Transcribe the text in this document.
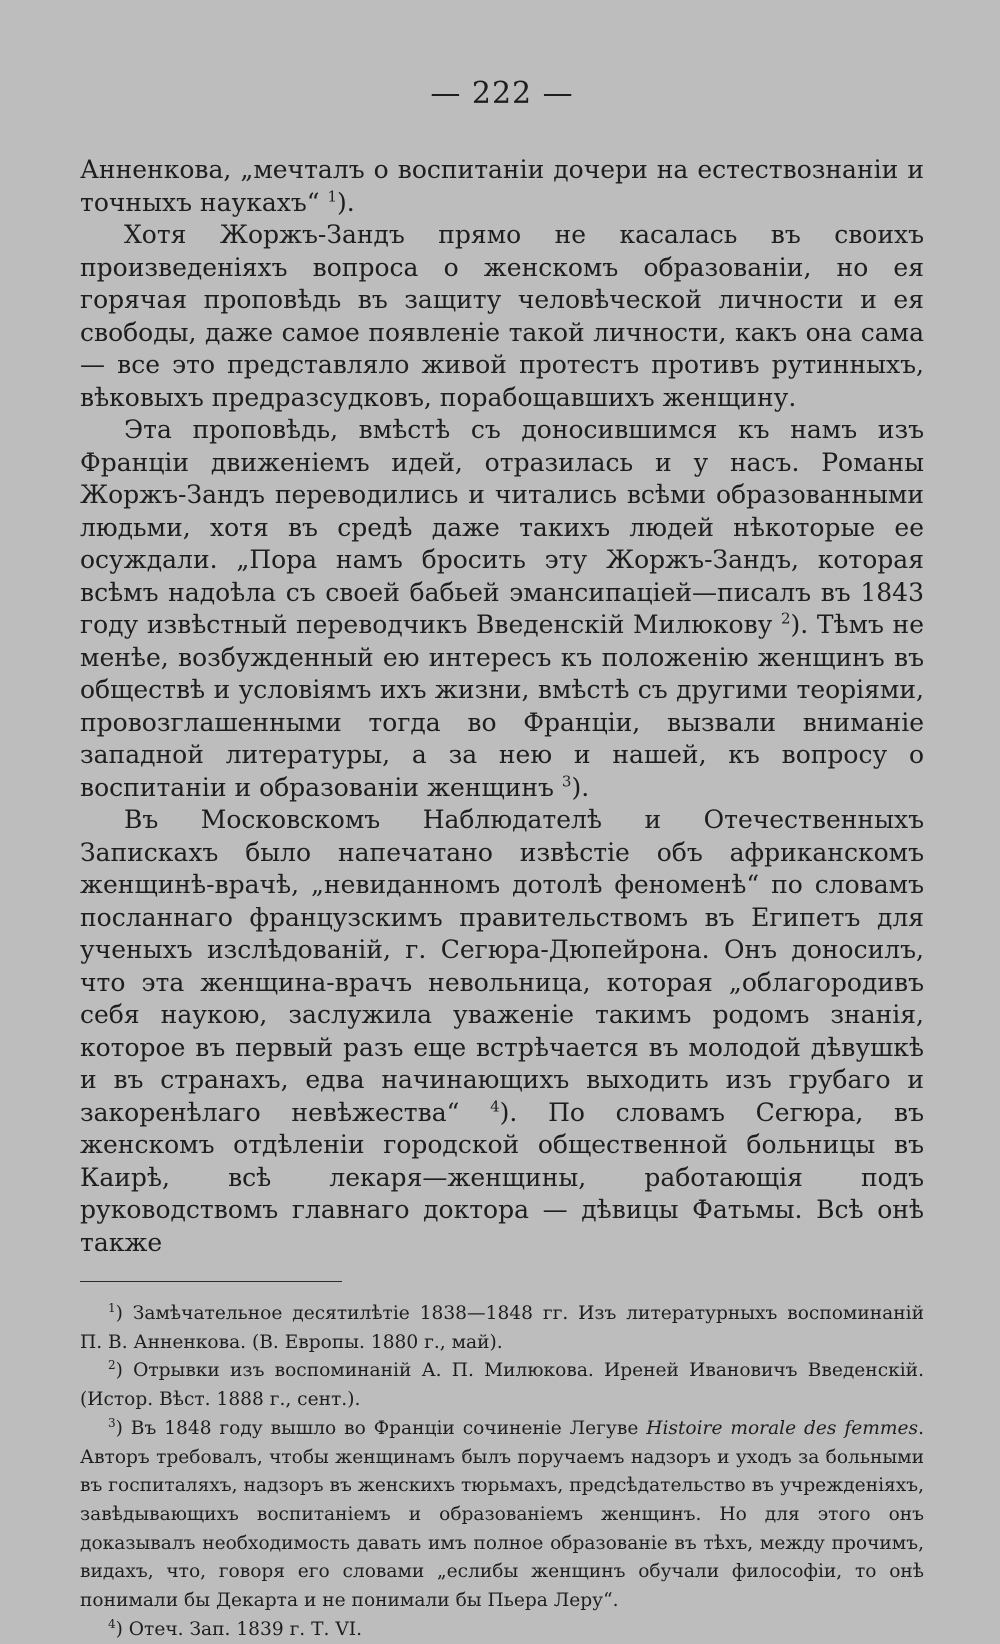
— 222 —

Анненкова, „мечталъ о воспитаніи дочери на естествознаніи и точныхъ наукахъ“ $^1$).

Хотя Жоржъ-Зандъ прямо не касалась въ своихъ произведеніяхъ вопроса о женскомъ образованіи, но ея горячая проповѣдь въ защиту человѣческой личности и ея свободы, даже самое появленіе такой личности, какъ она сама — все это представляло живой протестъ противъ рутинныхъ, вѣковыхъ предразсудковъ, порабощавшихъ женщину.

Эта проповѣдь, вмѣстѣ съ доносившимся къ намъ изъ Франціи движеніемъ идей, отразилась и у насъ. Романы Жоржъ-Зандъ переводились и читались всѣми образованными людьми, хотя въ средѣ даже такихъ людей нѣкоторые ее осуждали. „Пора намъ бросить эту Жоржъ-Зандъ, которая всѣмъ надоѣла съ своей бабьей эмансипаціей—писалъ въ 1843 году извѣстный переводчикъ Введенскій Милюкову $^2$). Тѣмъ не менѣе, возбужденный ею интересъ къ положенію женщинъ въ обществѣ и условіямъ ихъ жизни, вмѣстѣ съ другими теоріями, провозглашенными тогда во Франціи, вызвали вниманіе западной литературы, а за нею и нашей, къ вопросу о воспитаніи и образованіи женщинъ $^3$).

Въ Московскомъ Наблюдателѣ и Отечественныхъ Запискахъ было напечатано извѣстіе объ африканскомъ женщинѣ-врачѣ, „невиданномъ дотолѣ феноменѣ“ по словамъ посланнаго французскимъ правительствомъ въ Египетъ для ученыхъ изслѣдованій, г. Сегюра-Дюпейрона. Онъ доносилъ, что эта женщина-врачъ невольница, которая „облагородивъ себя наукою, заслужила уваженіе такимъ родомъ знанія, которое въ первый разъ еще встрѣчается въ молодой дѣвушкѣ и въ странахъ, едва начинающихъ выходить изъ грубаго и закоренѣлаго невѣжества“ $^4$). По словамъ Сегюра, въ женскомъ отдѣленіи городской общественной больницы въ Каирѣ, всѣ лекаря—женщины, работающія подъ руководствомъ главнаго доктора — дѣвицы Фатьмы. Всѣ онѣ также

$^1$) Замѣчательное десятилѣтіе 1838—1848 гг. Изъ литературныхъ воспоминаній П. В. Анненкова. (В. Европы. 1880 г., май).

$^2$) Отрывки изъ воспоминаній А. П. Милюкова. Иреней Ивановичъ Введенскій. (Истор. Вѣст. 1888 г., сент.).

$^3$) Въ 1848 году вышло во Франціи сочиненіе Легуве Histoire morale des femmes. Авторъ требовалъ, чтобы женщинамъ былъ поручаемъ надзоръ и уходъ за больными въ госпиталяхъ, надзоръ въ женскихъ тюрьмахъ, предсѣдательство въ учрежденіяхъ, завѣдывающихъ воспитаніемъ и образованіемъ женщинъ. Но для этого онъ доказывалъ необходимость давать имъ полное образованіе въ тѣхъ, между прочимъ, видахъ, что, говоря его словами „еслибы женщинъ обучали философіи, то онѣ понимали бы Декарта и не понимали бы Пьера Леру“.

$^4$) Отеч. Зап. 1839 г. Т. VI.
